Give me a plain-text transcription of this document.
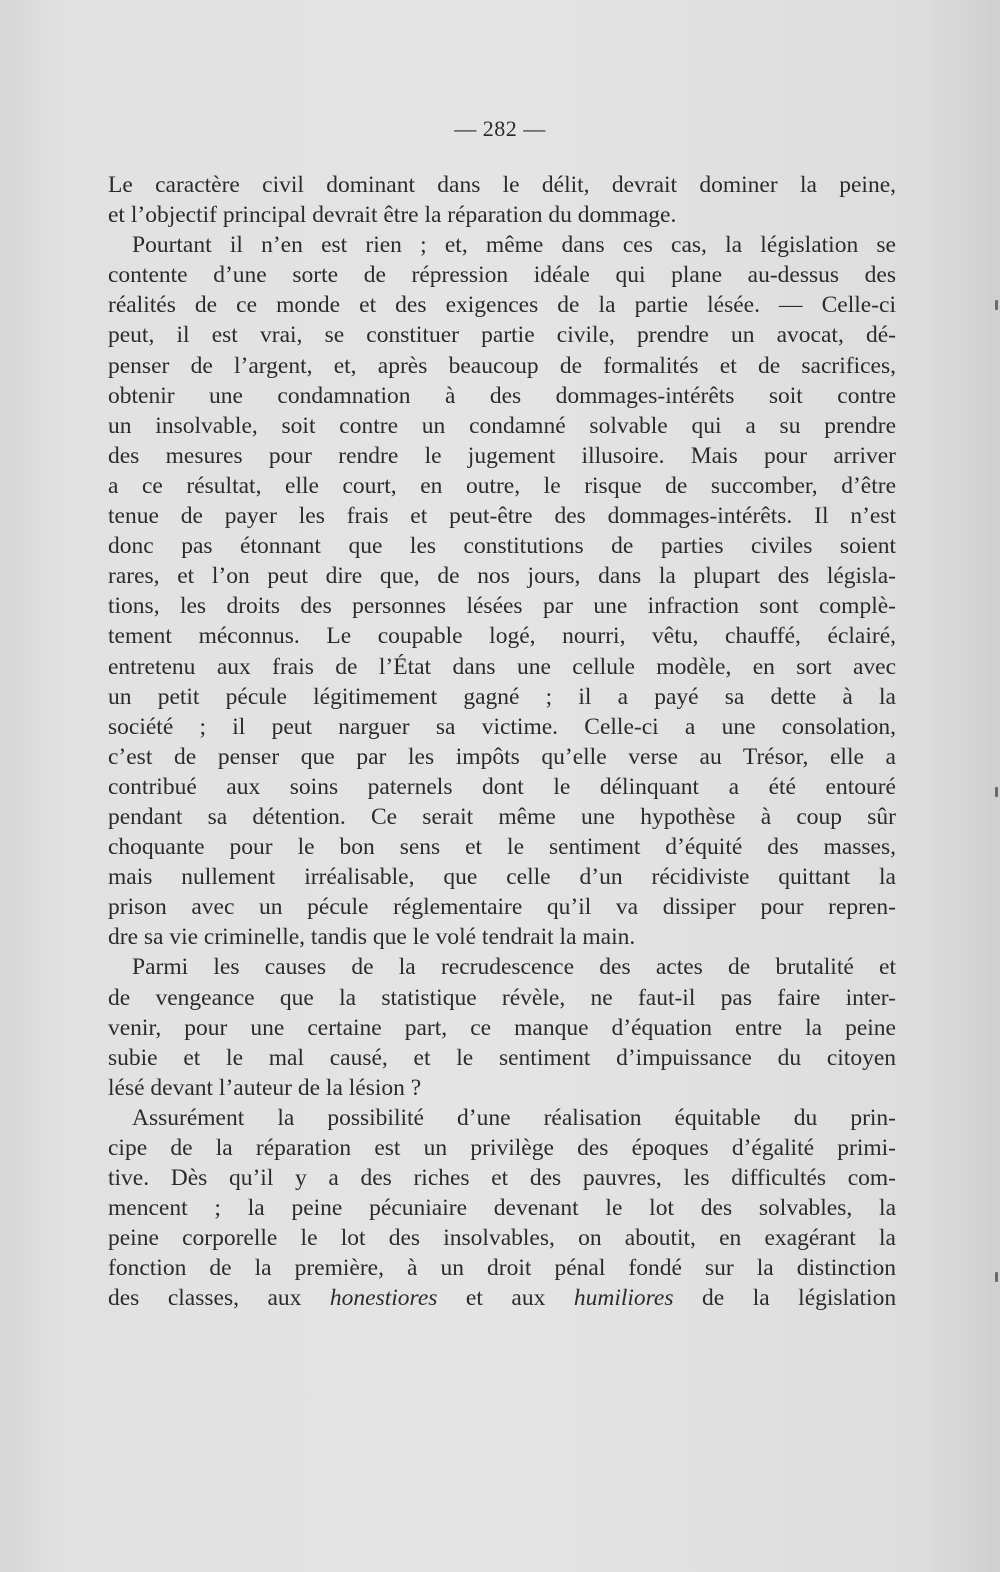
— 282 —
Le caractère civil dominant dans le délit, devrait dominer la peine,
et l’objectif principal devrait être la réparation du dommage.
Pourtant il n’en est rien ; et, même dans ces cas, la législation se
contente d’une sorte de répression idéale qui plane au-dessus des
réalités de ce monde et des exigences de la partie lésée. — Celle-ci
peut, il est vrai, se constituer partie civile, prendre un avocat, dé-
penser de l’argent, et, après beaucoup de formalités et de sacrifices,
obtenir une condamnation à des dommages-intérêts soit contre
un insolvable, soit contre un condamné solvable qui a su prendre
des mesures pour rendre le jugement illusoire. Mais pour arriver
a ce résultat, elle court, en outre, le risque de succomber, d’être
tenue de payer les frais et peut-être des dommages-intérêts. Il n’est
donc pas étonnant que les constitutions de parties civiles soient
rares, et l’on peut dire que, de nos jours, dans la plupart des législa-
tions, les droits des personnes lésées par une infraction sont complè-
tement méconnus. Le coupable logé, nourri, vêtu, chauffé, éclairé,
entretenu aux frais de l’État dans une cellule modèle, en sort avec
un petit pécule légitimement gagné ; il a payé sa dette à la
société ; il peut narguer sa victime. Celle-ci a une consolation,
c’est de penser que par les impôts qu’elle verse au Trésor, elle a
contribué aux soins paternels dont le délinquant a été entouré
pendant sa détention. Ce serait même une hypothèse à coup sûr
choquante pour le bon sens et le sentiment d’équité des masses,
mais nullement irréalisable, que celle d’un récidiviste quittant la
prison avec un pécule réglementaire qu’il va dissiper pour repren-
dre sa vie criminelle, tandis que le volé tendrait la main.
Parmi les causes de la recrudescence des actes de brutalité et
de vengeance que la statistique révèle, ne faut-il pas faire inter-
venir, pour une certaine part, ce manque d’équation entre la peine
subie et le mal causé, et le sentiment d’impuissance du citoyen
lésé devant l’auteur de la lésion ?
Assurément la possibilité d’une réalisation équitable du prin-
cipe de la réparation est un privilège des époques d’égalité primi-
tive. Dès qu’il y a des riches et des pauvres, les difficultés com-
mencent ; la peine pécuniaire devenant le lot des solvables, la
peine corporelle le lot des insolvables, on aboutit, en exagérant la
fonction de la première, à un droit pénal fondé sur la distinction
des classes, aux honestiores et aux humiliores de la législation
